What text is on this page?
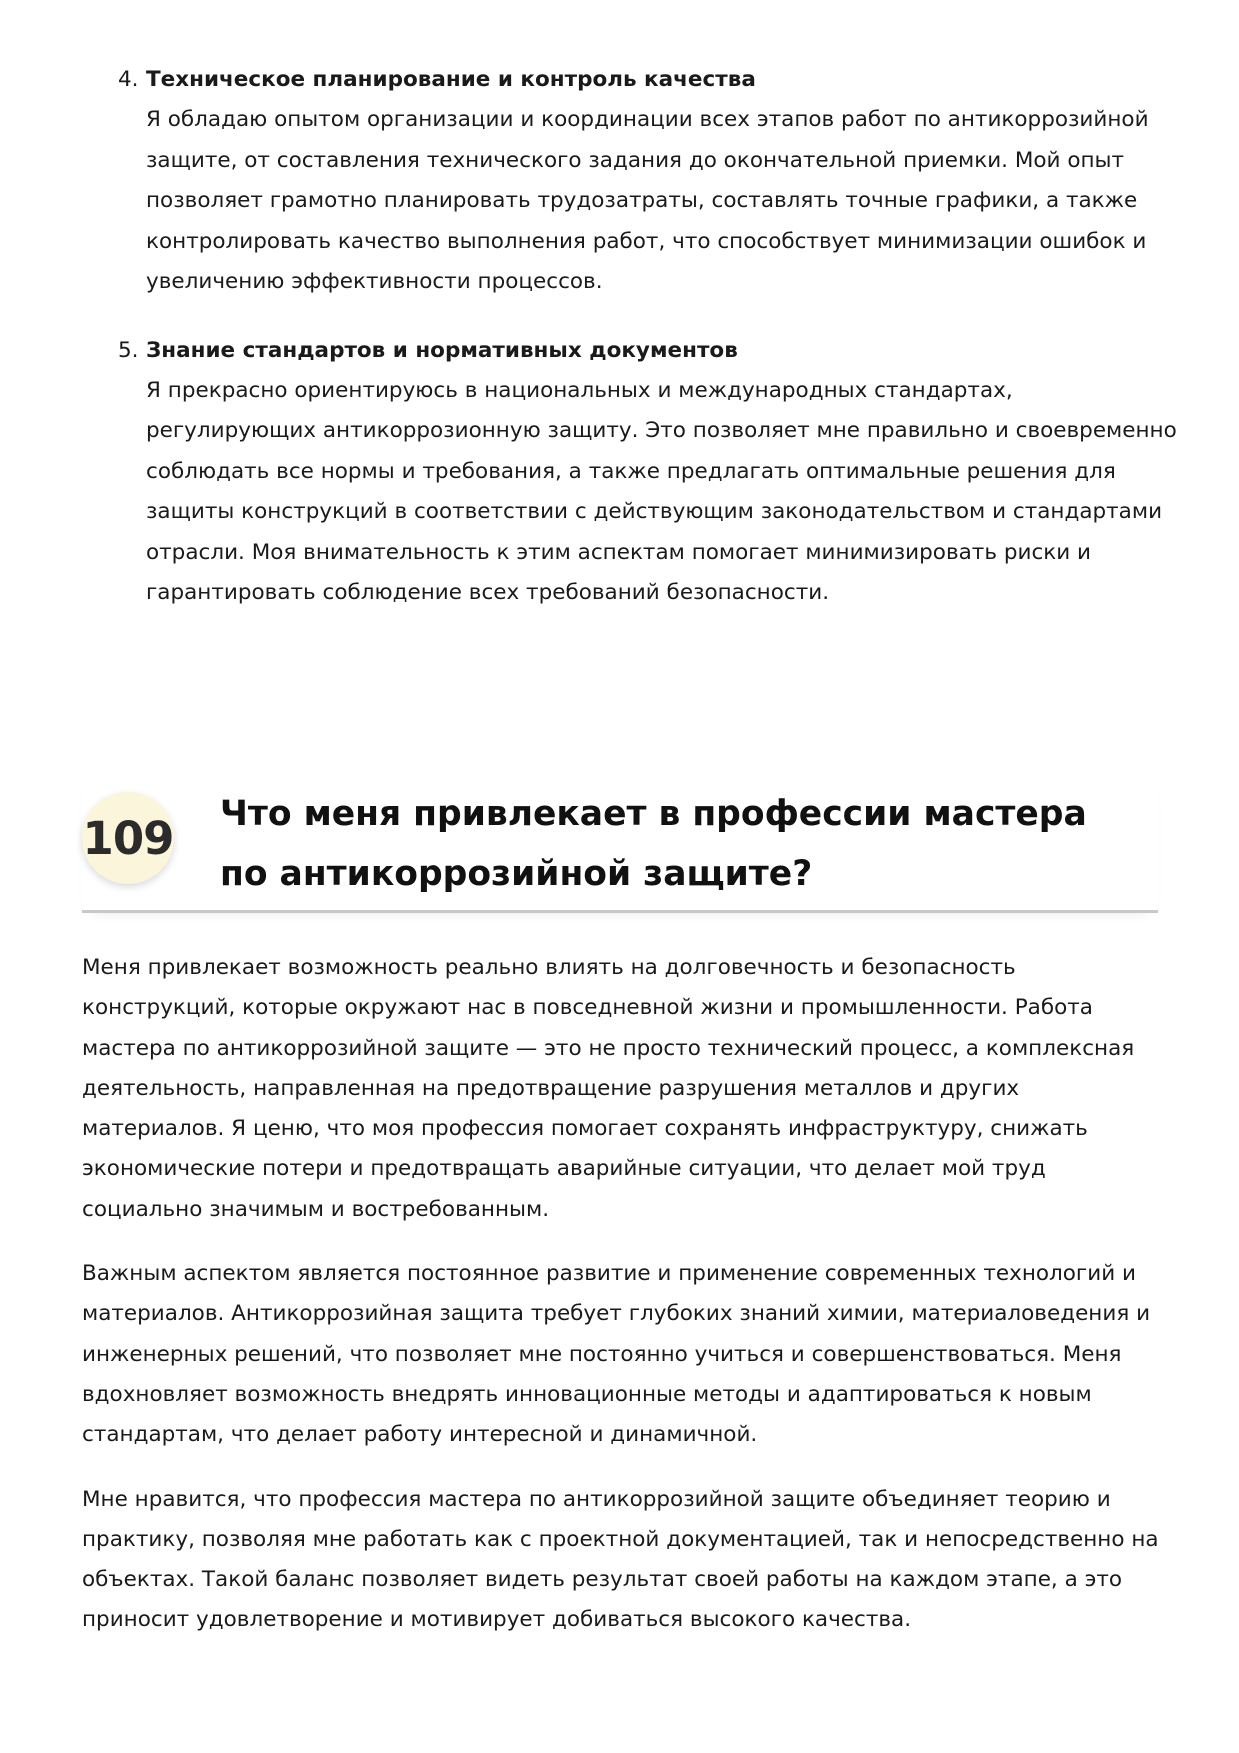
4. Техническое планирование и контроль качества

Я обладаю опытом организации и координации всех этапов работ по антикоррозийной защите, от составления технического задания до окончательной приемки. Мой опыт позволяет грамотно планировать трудозатраты, составлять точные графики, а также контролировать качество выполнения работ, что способствует минимизации ошибок и увеличению эффективности процессов.

5. Знание стандартов и нормативных документов

Я прекрасно ориентируюсь в национальных и международных стандартах, регулирующих антикоррозионную защиту. Это позволяет мне правильно и своевременно соблюдать все нормы и требования, а также предлагать оптимальные решения для защиты конструкций в соответствии с действующим законодательством и стандартами отрасли. Моя внимательность к этим аспектам помогает минимизировать риски и гарантировать соблюдение всех требований безопасности.

109 Что меня привлекает в профессии мастера по антикоррозийной защите?

Меня привлекает возможность реально влиять на долговечность и безопасность конструкций, которые окружают нас в повседневной жизни и промышленности. Работа мастера по антикоррозийной защите — это не просто технический процесс, а комплексная деятельность, направленная на предотвращение разрушения металлов и других материалов. Я ценю, что моя профессия помогает сохранять инфраструктуру, снижать экономические потери и предотвращать аварийные ситуации, что делает мой труд социально значимым и востребованным.

Важным аспектом является постоянное развитие и применение современных технологий и материалов. Антикоррозийная защита требует глубоких знаний химии, материаловедения и инженерных решений, что позволяет мне постоянно учиться и совершенствоваться. Меня вдохновляет возможность внедрять инновационные методы и адаптироваться к новым стандартам, что делает работу интересной и динамичной.

Мне нравится, что профессия мастера по антикоррозийной защите объединяет теорию и практику, позволяя мне работать как с проектной документацией, так и непосредственно на объектах. Такой баланс позволяет видеть результат своей работы на каждом этапе, а это приносит удовлетворение и мотивирует добиваться высокого качества.
